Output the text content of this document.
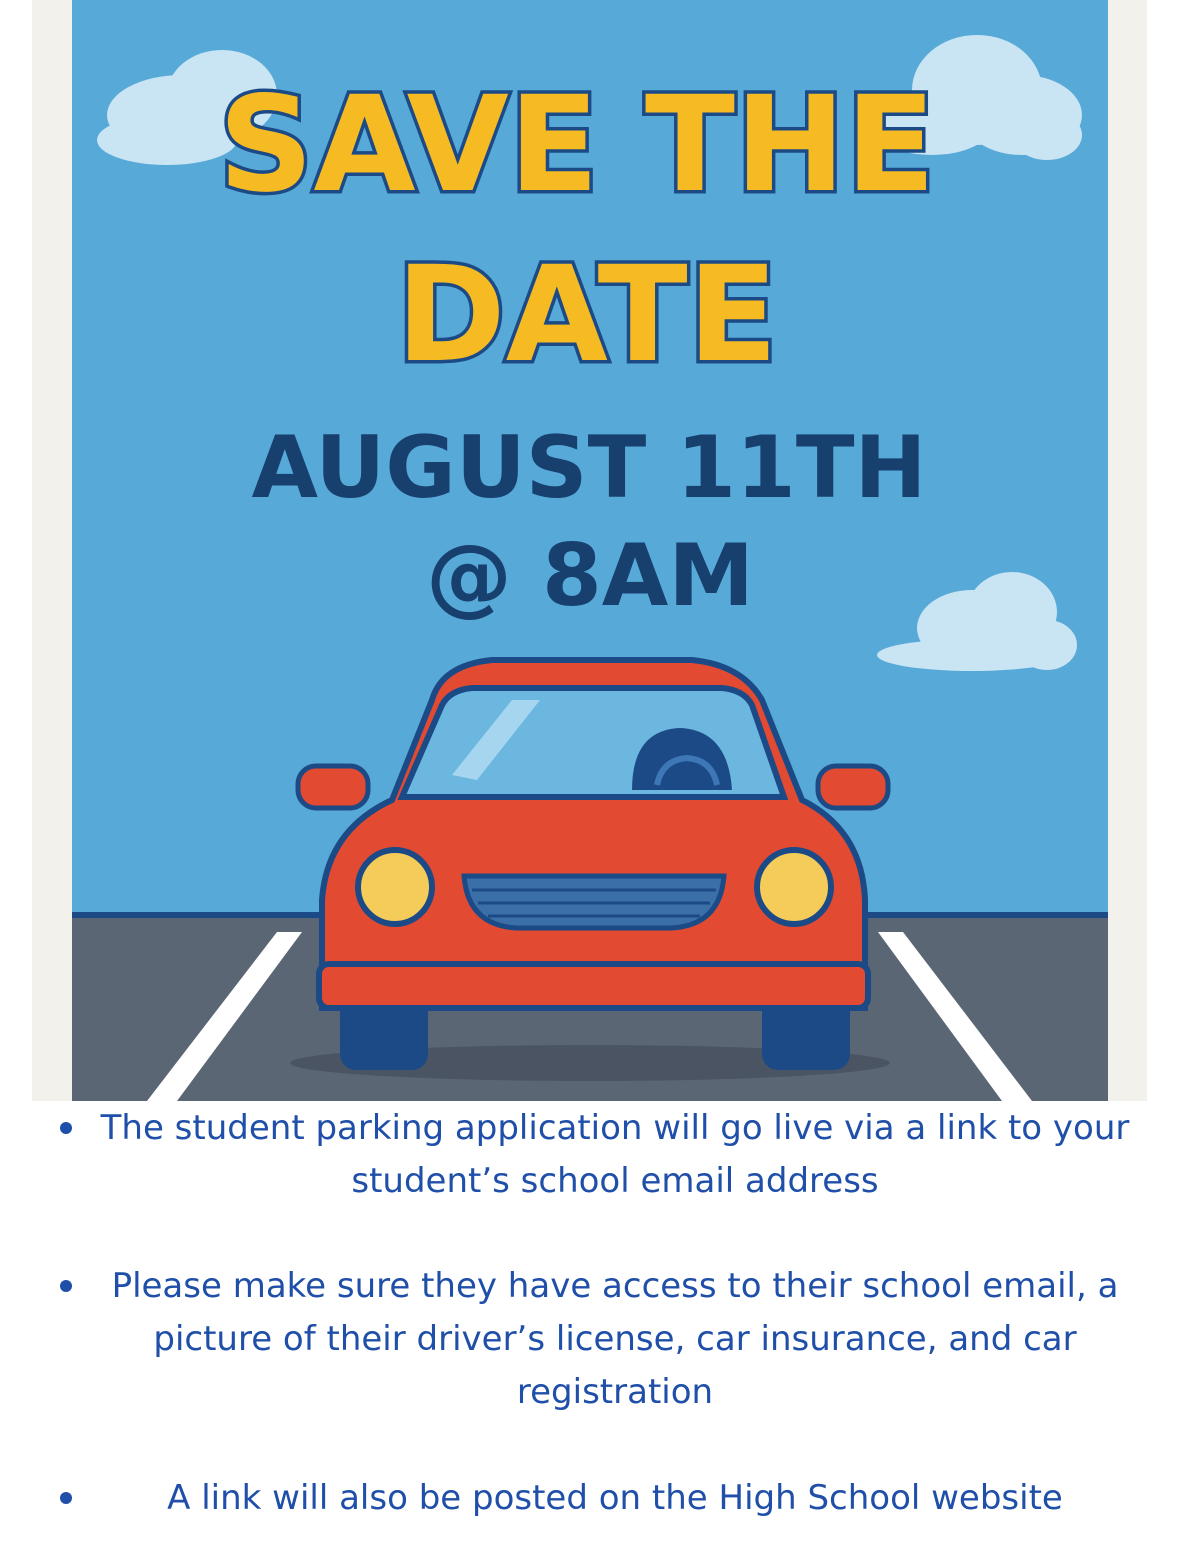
SAVE THE
DATE
AUGUST 11TH
@ 8AM
The student parking application will go live via a link to your student’s school email address
Please make sure they have access to their school email, a picture of their driver’s license, car insurance, and car registration
A link will also be posted on the High School website
